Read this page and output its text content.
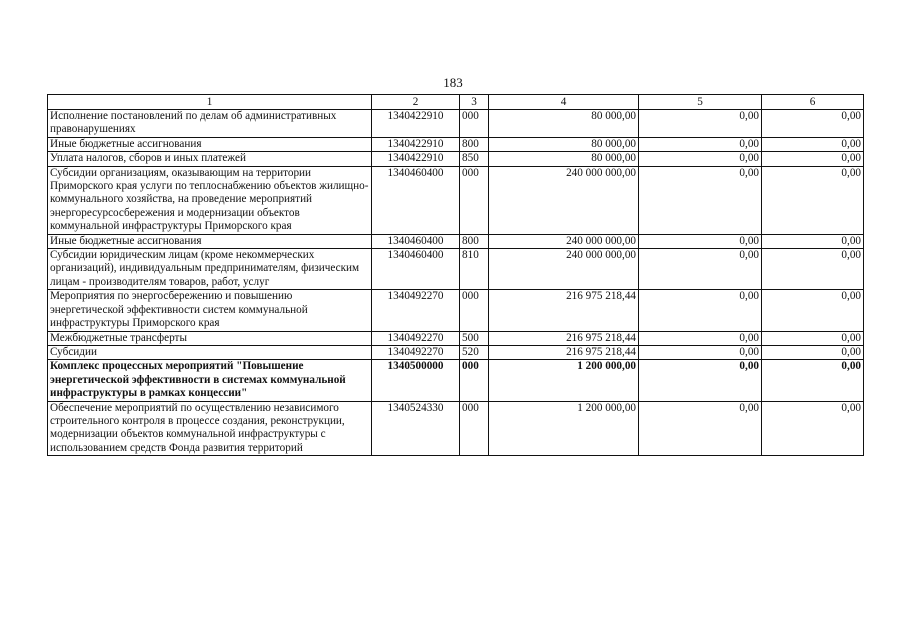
183
1	2	3	4	5	6
Исполнение постановлений по делам об административных правонарушениях	1340422910	000	80 000,00	0,00	0,00
Иные бюджетные ассигнования	1340422910	800	80 000,00	0,00	0,00
Уплата налогов, сборов и иных платежей	1340422910	850	80 000,00	0,00	0,00
Субсидии организациям, оказывающим на территории Приморского края услуги по теплоснабжению объектов жилищно-коммунального хозяйства, на проведение мероприятий энергоресурсосбережения и модернизации объектов коммунальной инфраструктуры Приморского края	1340460400	000	240 000 000,00	0,00	0,00
Иные бюджетные ассигнования	1340460400	800	240 000 000,00	0,00	0,00
Субсидии юридическим лицам (кроме некоммерческих организаций), индивидуальным предпринимателям, физическим лицам - производителям товаров, работ, услуг	1340460400	810	240 000 000,00	0,00	0,00
Мероприятия по энергосбережению и повышению энергетической эффективности систем коммунальной инфраструктуры Приморского края	1340492270	000	216 975 218,44	0,00	0,00
Межбюджетные трансферты	1340492270	500	216 975 218,44	0,00	0,00
Субсидии	1340492270	520	216 975 218,44	0,00	0,00
Комплекс процессных мероприятий "Повышение энергетической эффективности в системах коммунальной инфраструктуры в рамках концессии"	1340500000	000	1 200 000,00	0,00	0,00
Обеспечение мероприятий по осуществлению независимого строительного контроля в процессе создания, реконструкции, модернизации объектов коммунальной инфраструктуры с использованием средств Фонда развития территорий	1340524330	000	1 200 000,00	0,00	0,00
